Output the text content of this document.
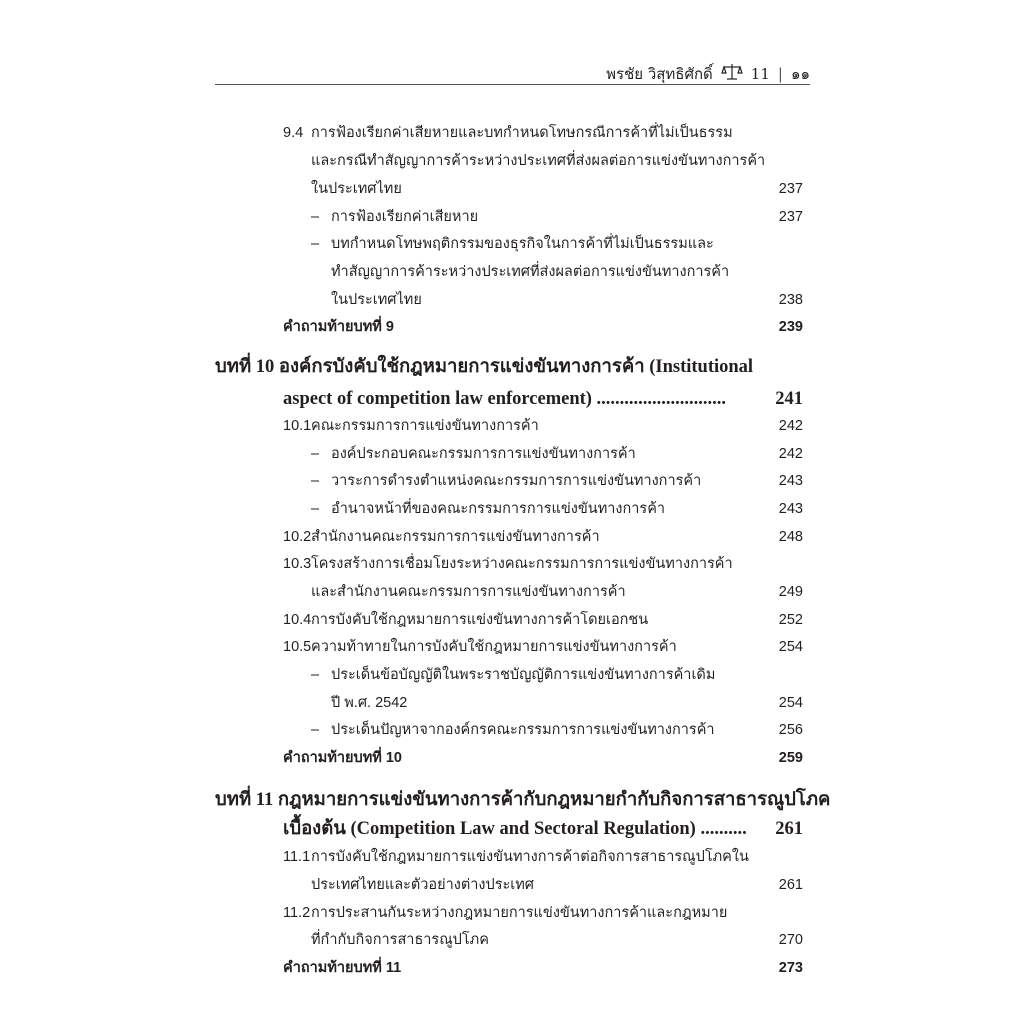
พรชัย วิสุทธิศักดิ์	11 | ๑๑
9.4 การฟ้องเรียกค่าเสียหายและบทกำหนดโทษกรณีการค้าที่ไม่เป็นธรรม
และกรณีทำสัญญาการค้าระหว่างประเทศที่ส่งผลต่อการแข่งขันทางการค้า
ในประเทศไทย	237
– การฟ้องเรียกค่าเสียหาย	237
– บทกำหนดโทษพฤติกรรมของธุรกิจในการค้าที่ไม่เป็นธรรมและ
ทำสัญญาการค้าระหว่างประเทศที่ส่งผลต่อการแข่งขันทางการค้า
ในประเทศไทย	238
คำถามท้ายบทที่ 9	239
บทที่ 10 องค์กรบังคับใช้กฎหมายการแข่งขันทางการค้า (Institutional
aspect of competition law enforcement) ............................	241
10.1 คณะกรรมการการแข่งขันทางการค้า	242
– องค์ประกอบคณะกรรมการการแข่งขันทางการค้า	242
– วาระการดำรงตำแหน่งคณะกรรมการการแข่งขันทางการค้า	243
– อำนาจหน้าที่ของคณะกรรมการการแข่งขันทางการค้า	243
10.2 สำนักงานคณะกรรมการการแข่งขันทางการค้า	248
10.3 โครงสร้างการเชื่อมโยงระหว่างคณะกรรมการการแข่งขันทางการค้า
และสำนักงานคณะกรรมการการแข่งขันทางการค้า	249
10.4 การบังคับใช้กฎหมายการแข่งขันทางการค้าโดยเอกชน	252
10.5 ความท้าทายในการบังคับใช้กฎหมายการแข่งขันทางการค้า	254
– ประเด็นข้อบัญญัติในพระราชบัญญัติการแข่งขันทางการค้าเดิม
ปี พ.ศ. 2542	254
– ประเด็นปัญหาจากองค์กรคณะกรรมการการแข่งขันทางการค้า	256
คำถามท้ายบทที่ 10	259
บทที่ 11 กฎหมายการแข่งขันทางการค้ากับกฎหมายกำกับกิจการสาธารณูปโภค
เบื้องต้น (Competition Law and Sectoral Regulation) .......... 261
11.1 การบังคับใช้กฎหมายการแข่งขันทางการค้าต่อกิจการสาธารณูปโภคใน
ประเทศไทยและตัวอย่างต่างประเทศ	261
11.2 การประสานกันระหว่างกฎหมายการแข่งขันทางการค้าและกฎหมาย
ที่กำกับกิจการสาธารณูปโภค	270
คำถามท้ายบทที่ 11	273
